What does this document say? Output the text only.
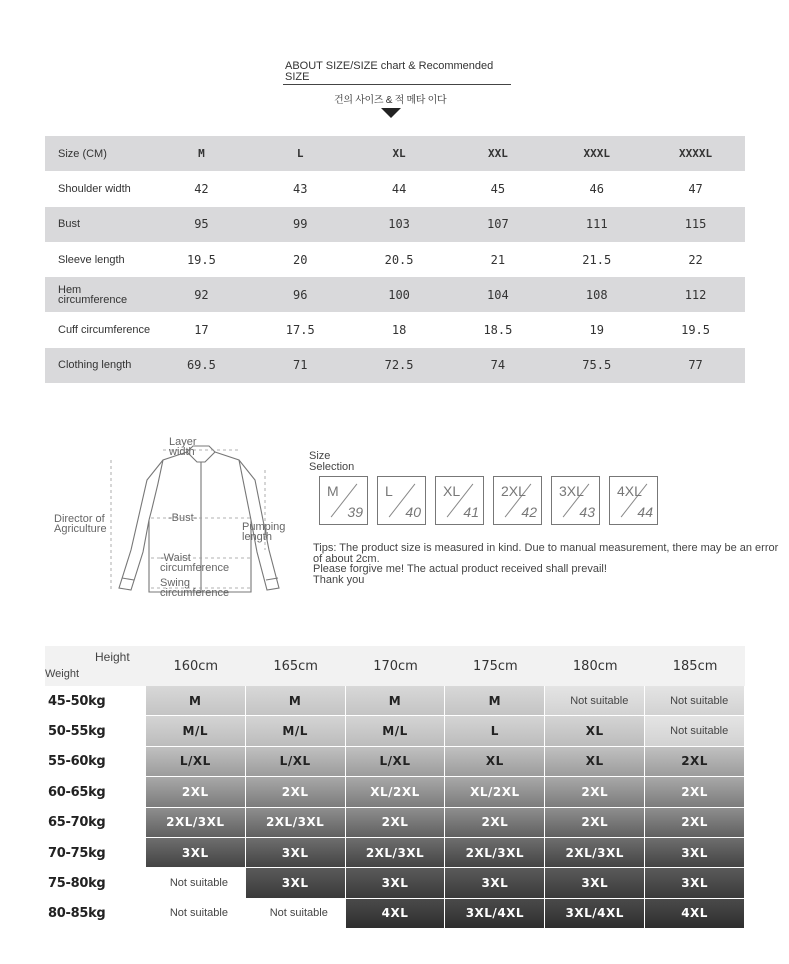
ABOUT SIZE/SIZE chart & Recommended SIZE
건의 사이즈 & 적 메타 이다
Size (CM)	M	L	XL	XXL	XXXL	XXXXL
Shoulder width	42	43	44	45	46	47
Bust	95	99	103	107	111	115
Sleeve length	19.5	20	20.5	21	21.5	22
Hem circumference	92	96	100	104	108	112
Cuff circumference	17	17.5	18	18.5	19	19.5
Clothing length	69.5	71	72.5	74	75.5	77
Layer width
-Bust-
Director of Agriculture	Pumping length
-Waist circumference
Swing circumference
Size Selection
M
39
L
40
XL
41
2XL
42
3XL
43
4XL
44
Tips: The product size is measured in kind. Due to manual measurement, there may be an error of about 2cm.
Please forgive me! The actual product received shall prevail!
Thank you
Height
Weight
160cm	165cm	170cm	175cm	180cm	185cm
45-50kg	M	M	M	M	Not suitable	Not suitable
50-55kg	M/L	M/L	M/L	L	XL	Not suitable
55-60kg	L/XL	L/XL	L/XL	XL	XL	2XL
60-65kg	2XL	2XL	XL/2XL	XL/2XL	2XL	2XL
65-70kg	2XL/3XL	2XL/3XL	2XL	2XL	2XL	2XL
70-75kg	3XL	3XL	2XL/3XL	2XL/3XL	2XL/3XL	3XL
75-80kg	Not suitable	3XL	3XL	3XL	3XL	3XL
80-85kg	Not suitable	Not suitable	4XL	3XL/4XL	3XL/4XL	4XL
